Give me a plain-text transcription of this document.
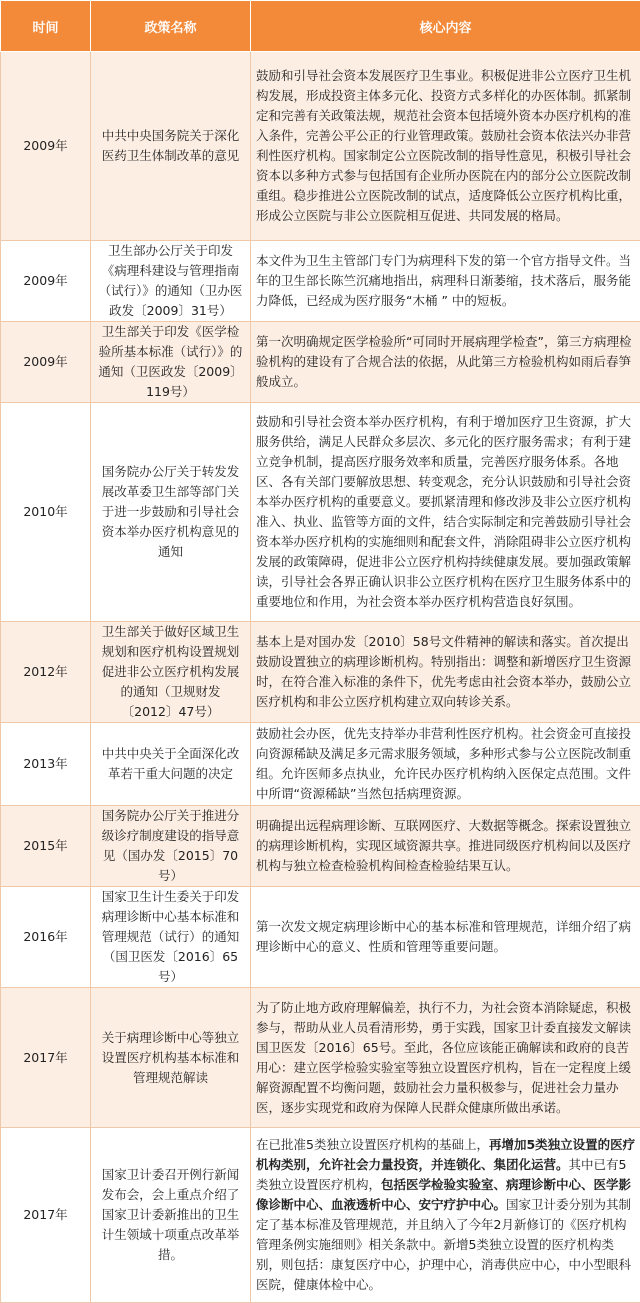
时间	政策名称	核心内容
2009年	中共中央国务院关于深化医药卫生体制改革的意见	鼓励和引导社会资本发展医疗卫生事业。积极促进非公立医疗卫生机构发展，形成投资主体多元化、投资方式多样化的办医体制。抓紧制定和完善有关政策法规，规范社会资本包括境外资本办医疗机构的准入条件，完善公平公正的行业管理政策。鼓励社会资本依法兴办非营利性医疗机构。国家制定公立医院改制的指导性意见，积极引导社会资本以多种方式参与包括国有企业所办医院在内的部分公立医院改制重组。稳步推进公立医院改制的试点，适度降低公立医疗机构比重，形成公立医院与非公立医院相互促进、共同发展的格局。
2009年	卫生部办公厅关于印发《病理科建设与管理指南（试行）》的通知（卫办医政发〔2009〕31号）	本文件为卫生主管部门专门为病理科下发的第一个官方指导文件。当年的卫生部长陈竺沉痛地指出，病理科日渐萎缩，技术落后，服务能力降低，已经成为医疗服务“木桶 ” 中的短板。
2009年	卫生部关于印发《医学检验所基本标准（试行）》的通知（卫医政发〔2009〕119号）	第一次明确规定医学检验所“可同时开展病理学检查”，第三方病理检验机构的建设有了合规合法的依据，从此第三方检验机构如雨后春笋般成立。
2010年	国务院办公厅关于转发发展改革委卫生部等部门关于进一步鼓励和引导社会资本举办医疗机构意见的通知	鼓励和引导社会资本举办医疗机构，有利于增加医疗卫生资源，扩大服务供给，满足人民群众多层次、多元化的医疗服务需求；有利于建立竞争机制，提高医疗服务效率和质量，完善医疗服务体系。各地区、各有关部门要解放思想、转变观念，充分认识鼓励和引导社会资本举办医疗机构的重要意义。要抓紧清理和修改涉及非公立医疗机构准入、执业、监管等方面的文件，结合实际制定和完善鼓励引导社会资本举办医疗机构的实施细则和配套文件，消除阻碍非公立医疗机构发展的政策障碍，促进非公立医疗机构持续健康发展。要加强政策解读，引导社会各界正确认识非公立医疗机构在医疗卫生服务体系中的重要地位和作用，为社会资本举办医疗机构营造良好氛围。
2012年	卫生部关于做好区域卫生规划和医疗机构设置规划促进非公立医疗机构发展的通知（卫规财发〔2012〕47号）	基本上是对国办发〔2010〕58号文件精神的解读和落实。首次提出鼓励设置独立的病理诊断机构。特别指出：调整和新增医疗卫生资源时，在符合准入标准的条件下，优先考虑由社会资本举办，鼓励公立医疗机构和非公立医疗机构建立双向转诊关系。
2013年	中共中央关于全面深化改革若干重大问题的决定	鼓励社会办医，优先支持举办非营利性医疗机构。社会资金可直接投向资源稀缺及满足多元需求服务领域，多种形式参与公立医院改制重组。允许医师多点执业，允许民办医疗机构纳入医保定点范围。文件中所谓“资源稀缺”当然包括病理资源。
2015年	国务院办公厅关于推进分级诊疗制度建设的指导意见（国办发〔2015〕70号）	明确提出远程病理诊断、互联网医疗、大数据等概念。探索设置独立的病理诊断机构，实现区域资源共享。推进同级医疗机构间以及医疗机构与独立检查检验机构间检查检验结果互认。
2016年	国家卫生计生委关于印发病理诊断中心基本标准和管理规范（试行）的通知（国卫医发〔2016〕65号）	第一次发文规定病理诊断中心的基本标准和管理规范，详细介绍了病理诊断中心的意义、性质和管理等重要问题。
2017年	关于病理诊断中心等独立设置医疗机构基本标准和管理规范解读	为了防止地方政府理解偏差，执行不力，为社会资本消除疑虑，积极参与，帮助从业人员看清形势，勇于实践，国家卫计委直接发文解读国卫医发〔2016〕65号。至此，各位应该能正确解读和政府的良苦用心：建立医学检验实验室等独立设置医疗机构，旨在一定程度上缓解资源配置不均衡问题，鼓励社会力量积极参与，促进社会力量办医，逐步实现党和政府为保障人民群众健康所做出承诺。
2017年	国家卫计委召开例行新闻发布会，会上重点介绍了国家卫计委新推出的卫生计生领域十项重点改革举措。	在已批准5类独立设置医疗机构的基础上，再增加5类独立设置的医疗机构类别，允许社会力量投资，并连锁化、集团化运营。其中已有5类独立设置医疗机构，包括医学检验实验室、病理诊断中心、医学影像诊断中心、血液透析中心、安宁疗护中心。国家卫计委分别为其制定了基本标准及管理规范，并且纳入了今年2月新修订的《医疗机构管理条例实施细则》相关条款中。新增5类独立设置的医疗机构类别，则包括：康复医疗中心，护理中心，消毒供应中心，中小型眼科医院，健康体检中心。
